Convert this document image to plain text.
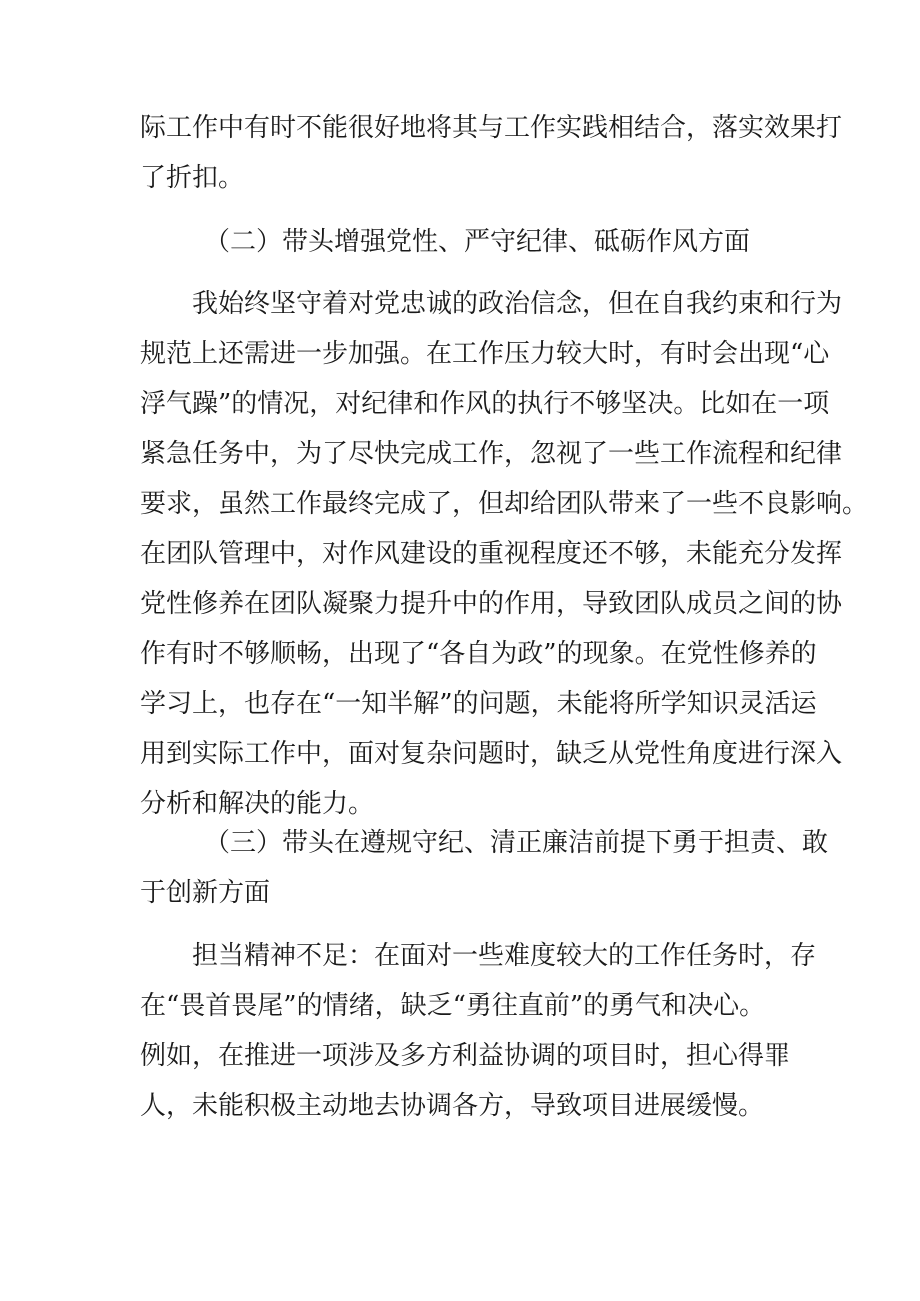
际工作中有时不能很好地将其与工作实践相结合，落实效果打
了折扣。

（二）带头增强党性、严守纪律、砥砺作风方面

我始终坚守着对党忠诚的政治信念，但在自我约束和行为
规范上还需进一步加强。在工作压力较大时，有时会出现“心
浮气躁”的情况，对纪律和作风的执行不够坚决。比如在一项
紧急任务中，为了尽快完成工作，忽视了一些工作流程和纪律
要求，虽然工作最终完成了，但却给团队带来了一些不良影响。
在团队管理中，对作风建设的重视程度还不够，未能充分发挥
党性修养在团队凝聚力提升中的作用，导致团队成员之间的协
作有时不够顺畅，出现了“各自为政”的现象。在党性修养的
学习上，也存在“一知半解”的问题，未能将所学知识灵活运
用到实际工作中，面对复杂问题时，缺乏从党性角度进行深入
分析和解决的能力。

（三）带头在遵规守纪、清正廉洁前提下勇于担责、敢
于创新方面

担当精神不足：在面对一些难度较大的工作任务时，存
在“畏首畏尾”的情绪，缺乏“勇往直前”的勇气和决心。
例如，在推进一项涉及多方利益协调的项目时，担心得罪
人，未能积极主动地去协调各方，导致项目进展缓慢。
